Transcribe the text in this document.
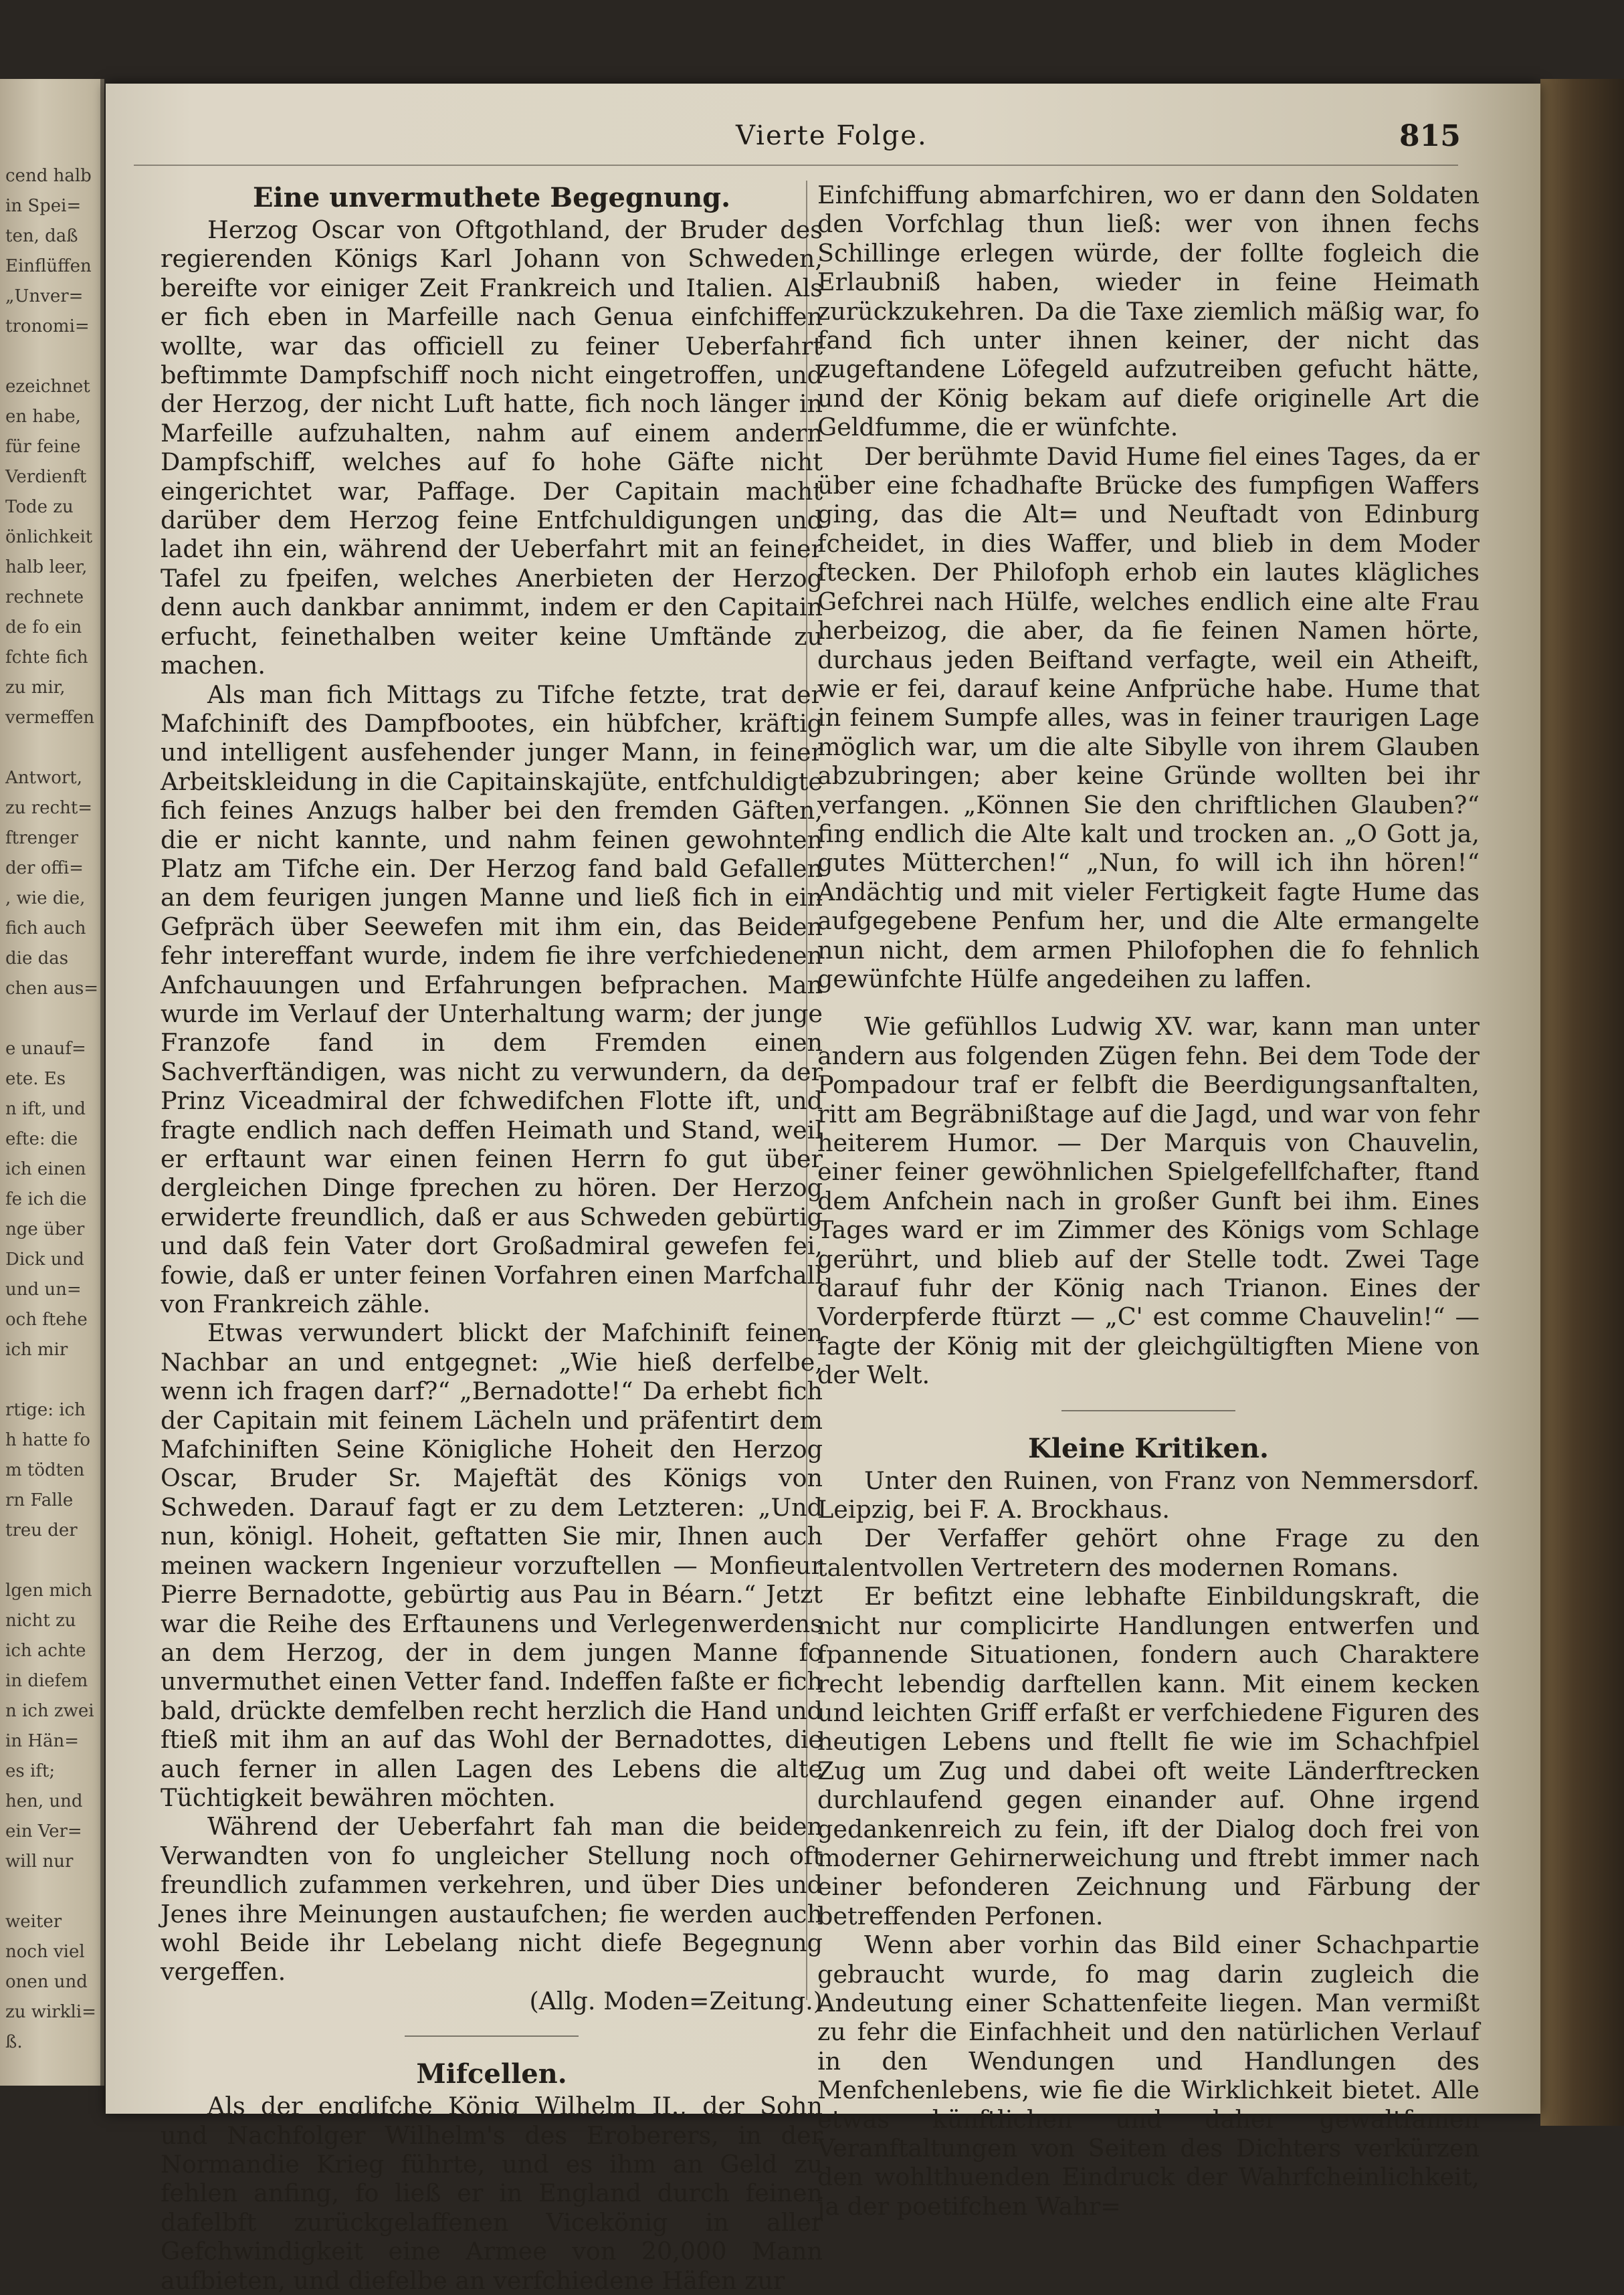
cend halb
in Spei=
ten, daß
Einflüffen
„Unver=
tronomi=
ezeichnet
en habe,
für feine
Verdienft
Tode zu
önlichkeit
halb leer,
rechnete
de fo ein
fchte fich
zu mir,
vermeffen
Antwort,
zu recht=
ftrenger
der offi=
, wie die,
fich auch
die das
chen aus=
e unauf=
ete. Es
n ift, und
efte: die
ich einen
fe ich die
nge über
Dick und
und un=
och ftehe
ich mir
rtige: ich
h hatte fo
m tödten
rn Falle
treu der
lgen mich
nicht zu
ich achte
in diefem
n ich zwei
in Hän=
es ift;
hen, und
ein Ver=
will nur
weiter
noch viel
onen und
zu wirkli=
ß.
Vierte Folge.	815
Eine unvermuthete Begegnung.

Herzog Oscar von Oftgothland, der Bruder des regierenden Königs Karl Johann von Schweden, bereifte vor einiger Zeit Frankreich und Italien. Als er fich eben in Marfeille nach Genua einfchiffen wollte, war das officiell zu feiner Ueberfahrt beftimmte Dampfschiff noch nicht eingetroffen, und der Herzog, der nicht Luft hatte, fich noch länger in Marfeille aufzuhalten, nahm auf einem andern Dampfschiff, welches auf fo hohe Gäfte nicht eingerichtet war, Paffage. Der Capitain macht darüber dem Herzog feine Entfchuldigungen und ladet ihn ein, während der Ueberfahrt mit an feiner Tafel zu fpeifen, welches Anerbieten der Herzog denn auch dankbar annimmt, indem er den Capitain erfucht, feinethalben weiter keine Umftände zu machen.

Als man fich Mittags zu Tifche fetzte, trat der Mafchinift des Dampfbootes, ein hübfcher, kräftig und intelligent ausfehender junger Mann, in feiner Arbeitskleidung in die Capitainskajüte, entfchuldigte fich feines Anzugs halber bei den fremden Gäften, die er nicht kannte, und nahm feinen gewohnten Platz am Tifche ein. Der Herzog fand bald Gefallen an dem feurigen jungen Manne und ließ fich in ein Gefpräch über Seewefen mit ihm ein, das Beiden fehr intereffant wurde, indem fie ihre verfchiedenen Anfchauungen und Erfahrungen befprachen. Man wurde im Verlauf der Unterhaltung warm; der junge Franzofe fand in dem Fremden einen Sachverftändigen, was nicht zu verwundern, da der Prinz Viceadmiral der fchwedifchen Flotte ift, und fragte endlich nach deffen Heimath und Stand, weil er erftaunt war einen feinen Herrn fo gut über dergleichen Dinge fprechen zu hören. Der Herzog erwiderte freundlich, daß er aus Schweden gebürtig und daß fein Vater dort Großadmiral gewefen fei, fowie, daß er unter feinen Vorfahren einen Marfchall von Frankreich zähle.

Etwas verwundert blickt der Mafchinift feinen Nachbar an und entgegnet: „Wie hieß derfelbe, wenn ich fragen darf?“ „Bernadotte!“ Da erhebt fich der Capitain mit feinem Lächeln und präfentirt dem Mafchiniften Seine Königliche Hoheit den Herzog Oscar, Bruder Sr. Majeftät des Königs von Schweden. Darauf fagt er zu dem Letzteren: „Und nun, königl. Hoheit, geftatten Sie mir, Ihnen auch meinen wackern Ingenieur vorzuftellen — Monfieur Pierre Bernadotte, gebürtig aus Pau in Béarn.“ Jetzt war die Reihe des Erftaunens und Verlegenwerdens an dem Herzog, der in dem jungen Manne fo unvermuthet einen Vetter fand. Indeffen faßte er fich bald, drückte demfelben recht herzlich die Hand und ftieß mit ihm an auf das Wohl der Bernadottes, die auch ferner in allen Lagen des Lebens die alte Tüchtigkeit bewähren möchten.

Während der Ueberfahrt fah man die beiden Verwandten von fo ungleicher Stellung noch oft freundlich zufammen verkehren, und über Dies und Jenes ihre Meinungen austaufchen; fie werden auch wohl Beide ihr Lebelang nicht diefe Begegnung vergeffen.

(Allg. Moden=Zeitung.)

Mifcellen.

Als der englifche König Wilhelm II., der Sohn und Nachfolger Wilhelm's des Eroberers, in der Normandie Krieg führte, und es ihm an Geld zu fehlen anfing, fo ließ er in England durch feinen dafelbft zurückgelaffenen Vicekönig in aller Gefchwindigkeit eine Armee von 20,000 Mann aufbieten, und diefelbe an verfchiedene Häfen zur

Einfchiffung abmarfchiren, wo er dann den Soldaten den Vorfchlag thun ließ: wer von ihnen fechs Schillinge erlegen würde, der follte fogleich die Erlaubniß haben, wieder in feine Heimath zurückzukehren. Da die Taxe ziemlich mäßig war, fo fand fich unter ihnen keiner, der nicht das zugeftandene Löfegeld aufzutreiben gefucht hätte, und der König bekam auf diefe originelle Art die Geldfumme, die er wünfchte.

Der berühmte David Hume fiel eines Tages, da er über eine fchadhafte Brücke des fumpfigen Waffers ging, das die Alt= und Neuftadt von Edinburg fcheidet, in dies Waffer, und blieb in dem Moder ftecken. Der Philofoph erhob ein lautes klägliches Gefchrei nach Hülfe, welches endlich eine alte Frau herbeizog, die aber, da fie feinen Namen hörte, durchaus jeden Beiftand verfagte, weil ein Atheift, wie er fei, darauf keine Anfprüche habe. Hume that in feinem Sumpfe alles, was in feiner traurigen Lage möglich war, um die alte Sibylle von ihrem Glauben abzubringen; aber keine Gründe wollten bei ihr verfangen. „Können Sie den chriftlichen Glauben?“ fing endlich die Alte kalt und trocken an. „O Gott ja, gutes Mütterchen!“ „Nun, fo will ich ihn hören!“ Andächtig und mit vieler Fertigkeit fagte Hume das aufgegebene Penfum her, und die Alte ermangelte nun nicht, dem armen Philofophen die fo fehnlich gewünfchte Hülfe angedeihen zu laffen.

Wie gefühllos Ludwig XV. war, kann man unter andern aus folgenden Zügen fehn. Bei dem Tode der Pompadour traf er felbft die Beerdigungsanftalten, ritt am Begräbnißtage auf die Jagd, und war von fehr heiterem Humor. — Der Marquis von Chauvelin, einer feiner gewöhnlichen Spielgefellfchafter, ftand dem Anfchein nach in großer Gunft bei ihm. Eines Tages ward er im Zimmer des Königs vom Schlage gerührt, und blieb auf der Stelle todt. Zwei Tage darauf fuhr der König nach Trianon. Eines der Vorderpferde ftürzt — „C' est comme Chauvelin!“ — fagte der König mit der gleichgültigften Miene von der Welt.

Kleine Kritiken.

Unter den Ruinen, von Franz von Nemmersdorf. Leipzig, bei F. A. Brockhaus.

Der Verfaffer gehört ohne Frage zu den talentvollen Vertretern des modernen Romans.

Er befitzt eine lebhafte Einbildungskraft, die nicht nur complicirte Handlungen entwerfen und fpannende Situationen, fondern auch Charaktere recht lebendig darftellen kann. Mit einem kecken und leichten Griff erfaßt er verfchiedene Figuren des heutigen Lebens und ftellt fie wie im Schachfpiel Zug um Zug und dabei oft weite Länderftrecken durchlaufend gegen einander auf. Ohne irgend gedankenreich zu fein, ift der Dialog doch frei von moderner Gehirnerweichung und ftrebt immer nach einer befonderen Zeichnung und Färbung der betreffenden Perfonen.

Wenn aber vorhin das Bild einer Schachpartie gebraucht wurde, fo mag darin zugleich die Andeutung einer Schattenfeite liegen. Man vermißt zu fehr die Einfachheit und den natürlichen Verlauf in den Wendungen und Handlungen des Menfchenlebens, wie fie die Wirklichkeit bietet. Alle etwas künftlichen und daher gewaltfamen Veranftaltungen von Seiten des Dichters verkürzen den wohlthuenden Eindruck der Wahrfcheinlichkeit, ja der poetifchen Wahr=
